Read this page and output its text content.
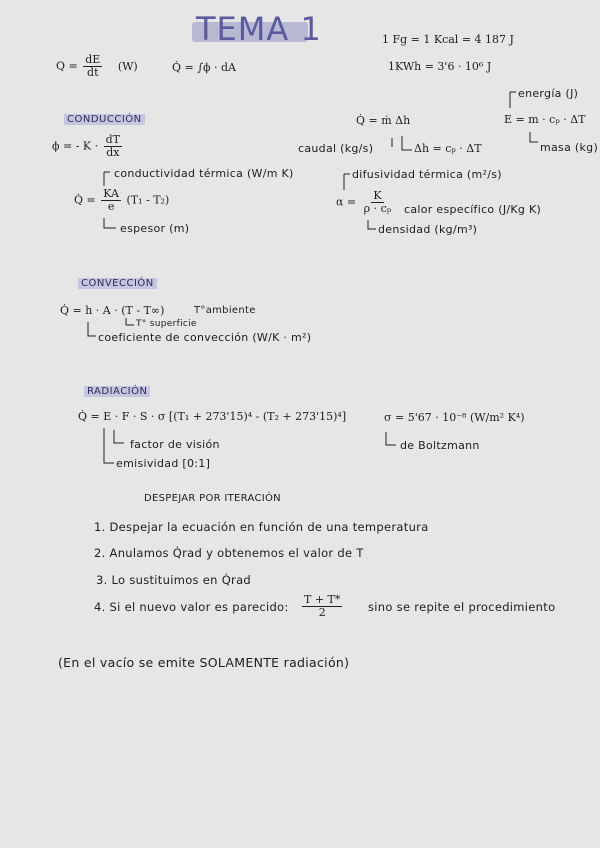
TEMA 1
$Q = \frac{dE}{dt} (W)$	Q̇ = ∫ϕ · dA
1 Fg = 1 Kcal = 4 187 J
1KWh = 3'6 · 10⁶ J
CONDUCCIÓN
ϕ = - $K \cdot \frac{dT}{dx}$
conductividad térmica (W/m K)
Q̇ = $\frac{KA}{e} (T_1 - T_2)$
espesor (m)
Q̇ = ṁ Δh
caudal (kg/s)	Δh = cₚ · ΔT
energía (J)
E = m · cₚ · ΔT
masa (kg)
difusividad térmica (m²/s)
$\alpha = \frac{K}{\text{ρ · cₚ}}$ calor específico (J/Kg K)
densidad (kg/m³)
CONVECCIÓN
Q̇ = h · A · (T - T∞)	T°ambiente
T° superficie
coeficiente de convección (W/K · m²)
RADIACIÓN
Q̇ = E · F · S · σ [(T₁ + 273'15)⁴ - (T₂ + 273'15)⁴]
factor de visión
emisividad [0:1]
σ = 5'67 · 10⁻⁸ (W/m² K⁴)
de Boltzmann
DESPEJAR POR ITERACIÓN
1. Despejar la ecuación en función de una temperatura
2. Anulamos Q̇rad y obtenemos el valor de T
3. Lo sustituimos en Q̇rad
4. Si el nuevo valor es parecido: $\frac{T + T*}{2}$ sino se repite el procedimiento
(En el vacío se emite SOLAMENTE radiación)
